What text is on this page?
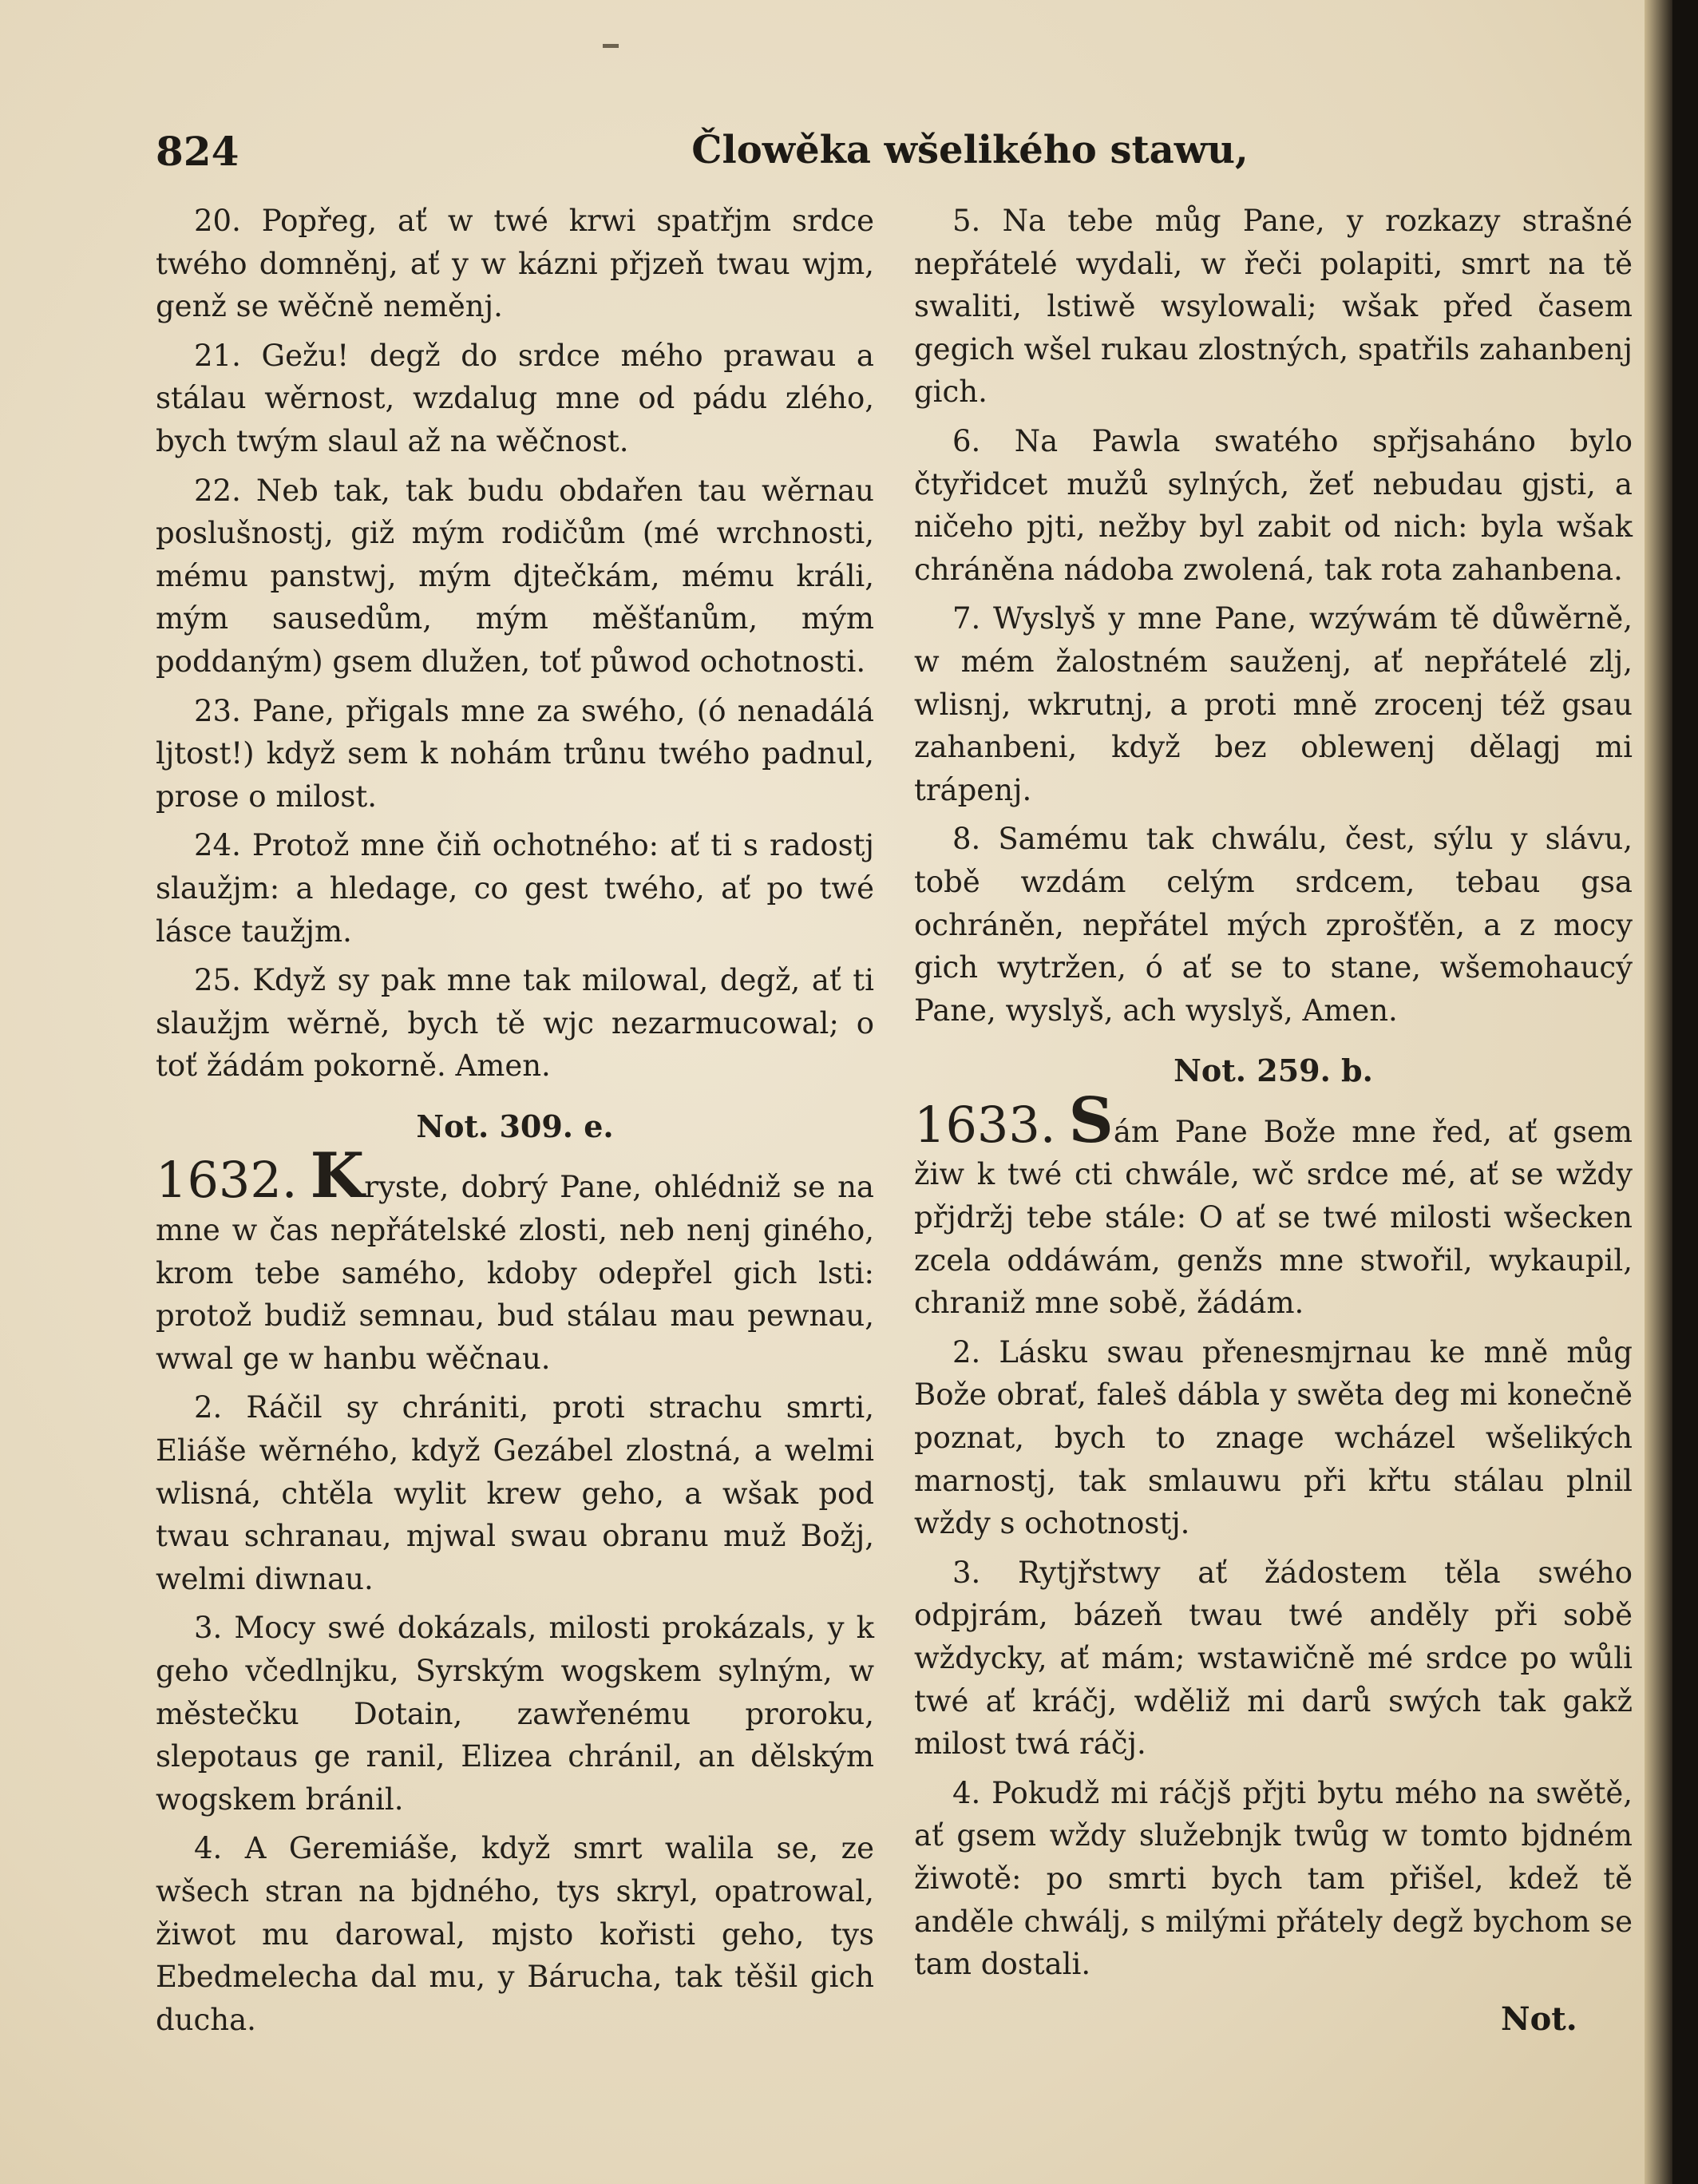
824	Člowěka wšelikého stawu,

20. Popřeg, ať w twé krwi spatřjm srdce twého domněnj, ať y w kázni přjzeň twau wjm, genž se wěčně neměnj.

21. Gežu! degž do srdce mého prawau a stálau wěrnost, wzdalug mne od pádu zlého, bych twým slaul až na wěčnost.

22. Neb tak, tak budu obdařen tau wěrnau poslušnostj, giž mým rodičům (mé wrchnosti, mému panstwj, mým djtečkám, mému králi, mým sausedům, mým měšťanům, mým poddaným) gsem dlužen, toť půwod ochotnosti.

23. Pane, přigals mne za swého, (ó nenadálá ljtost!) když sem k nohám trůnu twého padnul, prose o milost.

24. Protož mne čiň ochotného: ať ti s radostj slaužjm: a hledage, co gest twého, ať po twé lásce taužjm.

25. Když sy pak mne tak milowal, degž, ať ti slaužjm wěrně, bych tě wjc nezarmucowal; o toť žádám pokorně. Amen.

Not. 309. e.

1632. Kryste, dobrý Pane, ohlédniž se na mne w čas nepřátelské zlosti, neb nenj giného, krom tebe samého, kdoby odepřel gich lsti: protož budiž semnau, bud stálau mau pewnau, wwal ge w hanbu wěčnau.

2. Ráčil sy chrániti, proti strachu smrti, Eliáše wěrného, když Gezábel zlostná, a welmi wlisná, chtěla wylit krew geho, a wšak pod twau schranau, mjwal swau obranu muž Božj, welmi diwnau.

3. Mocy swé dokázals, milosti prokázals, y k geho včedlnjku, Syrským wogskem sylným, w městečku Dotain, zawřenému proroku, slepotaus ge ranil, Elizea chránil, an dělským wogskem bránil.

4. A Geremiáše, když smrt walila se, ze wšech stran na bjdného, tys skryl, opatrowal, žiwot mu darowal, mjsto kořisti geho, tys Ebedmelecha dal mu, y Bárucha, tak těšil gich ducha.

5. Na tebe můg Pane, y rozkazy strašné nepřátelé wydali, w řeči polapiti, smrt na tě swaliti, lstiwě wsylowali; wšak před časem gegich wšel rukau zlostných, spatřils zahanbenj gich.

6. Na Pawla swatého spřjsaháno bylo čtyřidcet mužů sylných, žeť nebudau gjsti, a ničeho pjti, nežby byl zabit od nich: byla wšak chráněna nádoba zwolená, tak rota zahanbena.

7. Wyslyš y mne Pane, wzýwám tě důwěrně, w mém žalostném sauženj, ať nepřátelé zlj, wlisnj, wkrutnj, a proti mně zrocenj též gsau zahanbeni, když bez oblewenj dělagj mi trápenj.

8. Samému tak chwálu, čest, sýlu y slávu, tobě wzdám celým srdcem, tebau gsa ochráněn, nepřátel mých zprošťěn, a z mocy gich wytržen, ó ať se to stane, wšemohaucý Pane, wyslyš, ach wyslyš, Amen.

Not. 259. b.

1633. Sám Pane Bože mne řed, ať gsem žiw k twé cti chwále, wč srdce mé, ať se wždy přjdržj tebe stále: O ať se twé milosti wšecken zcela oddáwám, genžs mne stwořil, wykaupil, chraniž mne sobě, žádám.

2. Lásku swau přenesmjrnau ke mně můg Bože obrať, faleš dábla y swěta deg mi konečně poznat, bych to znage wcházel wšelikých marnostj, tak smlauwu při křtu stálau plnil wždy s ochotnostj.

3. Rytjřstwy ať žádostem těla swého odpjrám, bázeň twau twé anděly při sobě wždycky, ať mám; wstawičně mé srdce po wůli twé ať kráčj, wděliž mi darů swých tak gakž milost twá ráčj.

4. Pokudž mi ráčjš přjti bytu mého na swětě, ať gsem wždy služebnjk twůg w tomto bjdném žiwotě: po smrti bych tam přišel, kdež tě anděle chwálj, s milými přátely degž bychom se tam dostali.

Not.
